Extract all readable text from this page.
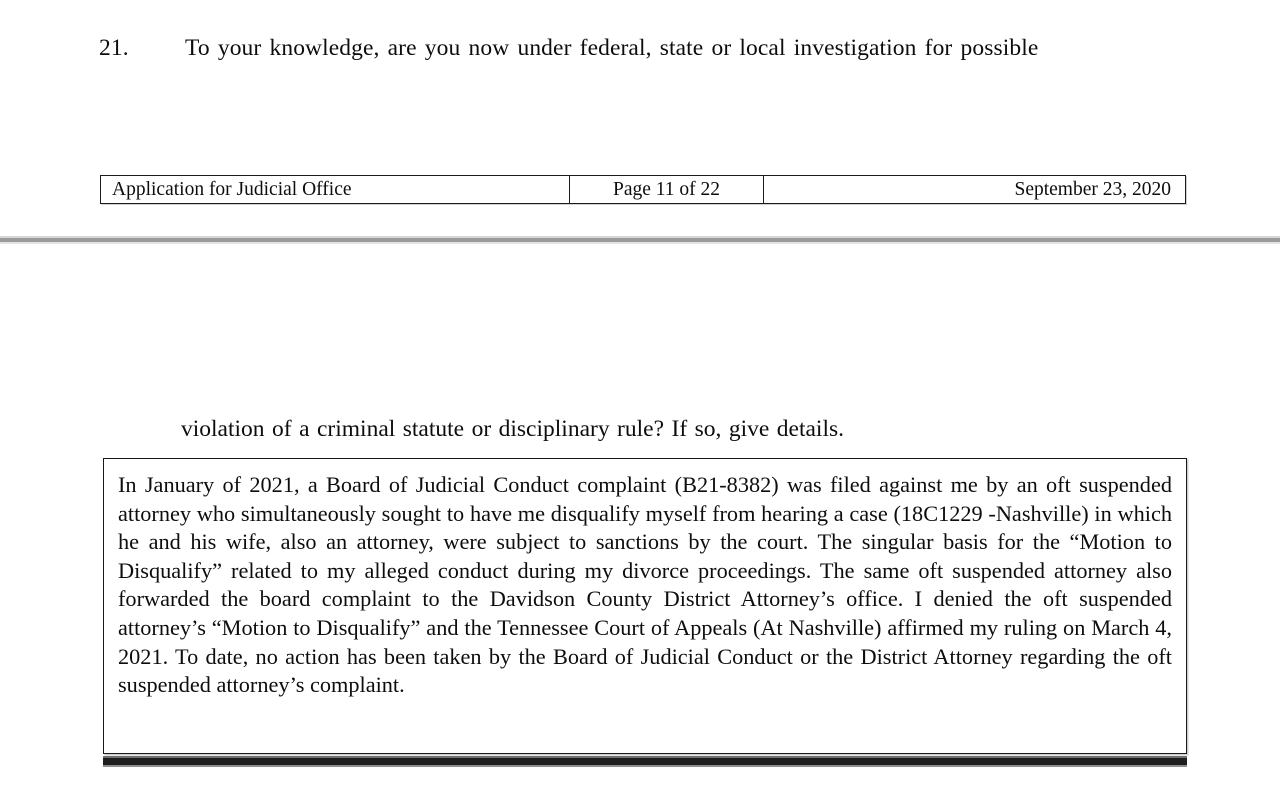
21.	To your knowledge, are you now under federal, state or local investigation for possible
Application for Judicial Office	Page 11 of 22	September 23, 2020
violation of a criminal statute or disciplinary rule? If so, give details.

In January of 2021, a Board of Judicial Conduct complaint (B21-8382) was filed against me by an oft suspended attorney who simultaneously sought to have me disqualify myself from hearing a case (18C1229 -Nashville) in which he and his wife, also an attorney, were subject to sanctions by the court. The singular basis for the “Motion to Disqualify” related to my alleged conduct during my divorce proceedings. The same oft suspended attorney also forwarded the board complaint to the Davidson County District Attorney’s office. I denied the oft suspended attorney’s “Motion to Disqualify” and the Tennessee Court of Appeals (At Nashville) affirmed my ruling on March 4, 2021. To date, no action has been taken by the Board of Judicial Conduct or the District Attorney regarding the oft suspended attorney’s complaint.
